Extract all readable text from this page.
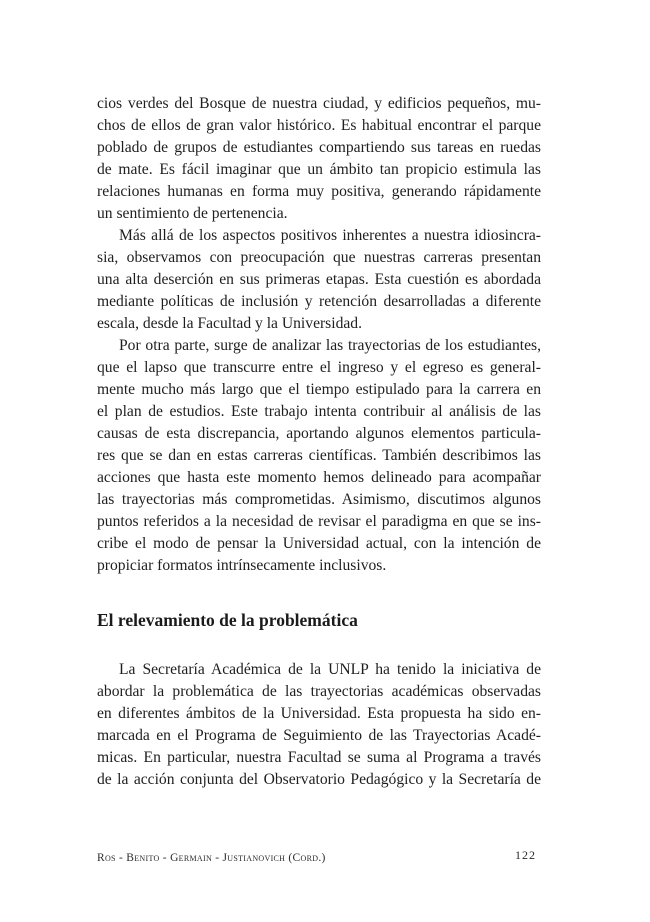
cios verdes del Bosque de nuestra ciudad, y edificios pequeños, mu-
chos de ellos de gran valor histórico. Es habitual encontrar el parque
poblado de grupos de estudiantes compartiendo sus tareas en ruedas
de mate. Es fácil imaginar que un ámbito tan propicio estimula las
relaciones humanas en forma muy positiva, generando rápidamente
un sentimiento de pertenencia.
Más allá de los aspectos positivos inherentes a nuestra idiosincra-
sia, observamos con preocupación que nuestras carreras presentan
una alta deserción en sus primeras etapas. Esta cuestión es abordada
mediante políticas de inclusión y retención desarrolladas a diferente
escala, desde la Facultad y la Universidad.
Por otra parte, surge de analizar las trayectorias de los estudiantes,
que el lapso que transcurre entre el ingreso y el egreso es general-
mente mucho más largo que el tiempo estipulado para la carrera en
el plan de estudios. Este trabajo intenta contribuir al análisis de las
causas de esta discrepancia, aportando algunos elementos particula-
res que se dan en estas carreras científicas. También describimos las
acciones que hasta este momento hemos delineado para acompañar
las trayectorias más comprometidas. Asimismo, discutimos algunos
puntos referidos a la necesidad de revisar el paradigma en que se ins-
cribe el modo de pensar la Universidad actual, con la intención de
propiciar formatos intrínsecamente inclusivos.
El relevamiento de la problemática
La Secretaría Académica de la UNLP ha tenido la iniciativa de
abordar la problemática de las trayectorias académicas observadas
en diferentes ámbitos de la Universidad. Esta propuesta ha sido en-
marcada en el Programa de Seguimiento de las Trayectorias Acadé-
micas. En particular, nuestra Facultad se suma al Programa a través
de la acción conjunta del Observatorio Pedagógico y la Secretaría de
Ros - Benito - Germain - Justianovich (Cord.)	122
